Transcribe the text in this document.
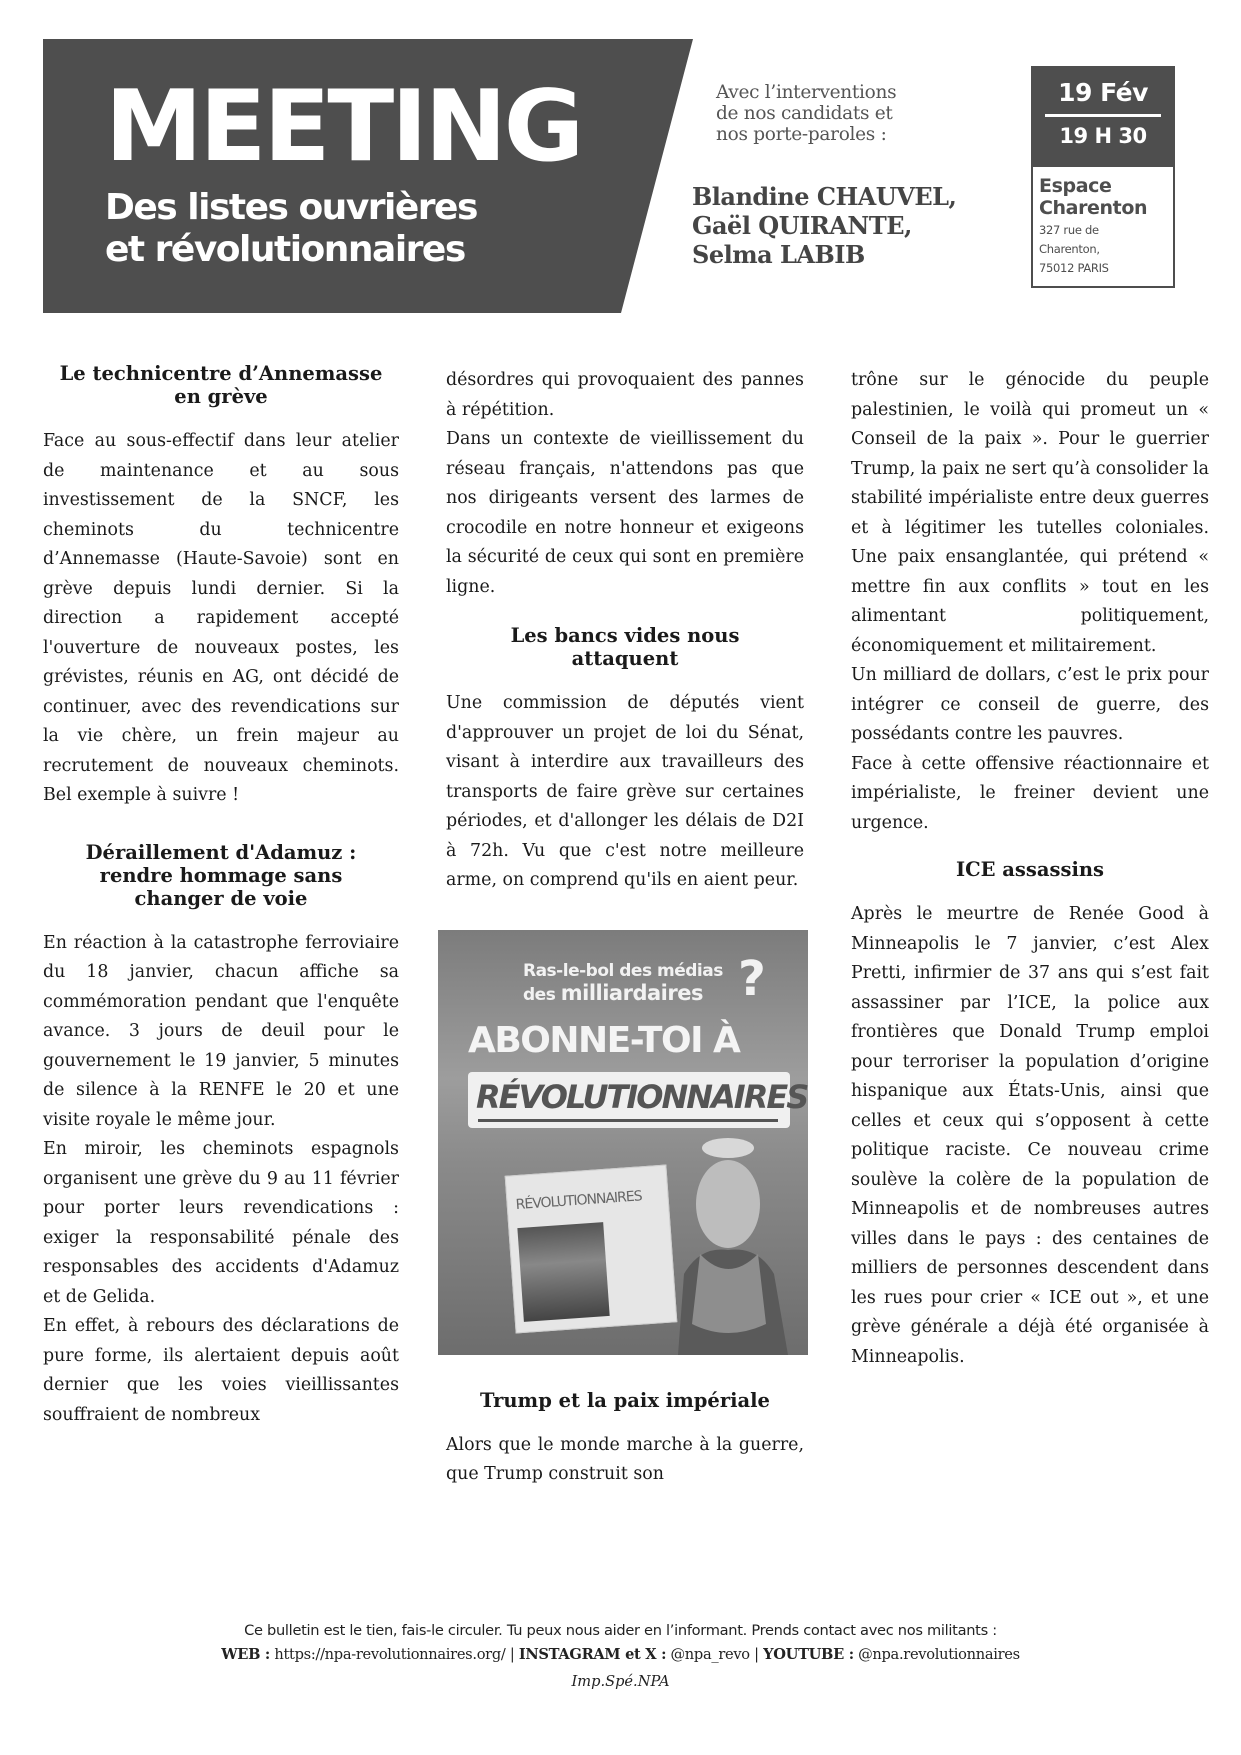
MEETING
Des listes ouvrières
et révolutionnaires
Avec l’interventions
de nos candidats et
nos porte-paroles :
Blandine CHAUVEL,
Gaël QUIRANTE,
Selma LABIB
19 Fév
19 H 30
Espace
Charenton
327 rue de
Charenton,
75012 PARIS
Le technicentre d’Annemasse en grève

Face au sous-effectif dans leur atelier de maintenance et au sous investissement de la SNCF, les cheminots du technicentre d’Annemasse (Haute-Savoie) sont en grève depuis lundi dernier. Si la direction a rapidement accepté l'ouverture de nouveaux postes, les grévistes, réunis en AG, ont décidé de continuer, avec des revendications sur la vie chère, un frein majeur au recrutement de nouveaux cheminots. Bel exemple à suivre !

Déraillement d'Adamuz : rendre hommage sans changer de voie

En réaction à la catastrophe ferroviaire du 18 janvier, chacun affiche sa commémoration pendant que l'enquête avance. 3 jours de deuil pour le gouvernement le 19 janvier, 5 minutes de silence à la RENFE le 20 et une visite royale le même jour.

En miroir, les cheminots espagnols organisent une grève du 9 au 11 février pour porter leurs revendications : exiger la responsabilité pénale des responsables des accidents d'Adamuz et de Gelida.

En effet, à rebours des déclarations de pure forme, ils alertaient depuis août dernier que les voies vieillissantes souffraient de nombreux

désordres qui provoquaient des pannes à répétition.

Dans un contexte de vieillissement du réseau français, n'attendons pas que nos dirigeants versent des larmes de crocodile en notre honneur et exigeons la sécurité de ceux qui sont en première ligne.

Les bancs vides nous attaquent

Une commission de députés vient d'approuver un projet de loi du Sénat, visant à interdire aux travailleurs des transports de faire grève sur certaines périodes, et d'allonger les délais de D2I à 72h. Vu que c'est notre meilleure arme, on comprend qu'ils en aient peur.

Ras-le-bol des médias
des milliardaires ?
ABONNE-TOI À
RÉVOLUTIONNAIRES
RÉVOLUTIONNAIRES
Trump et la paix impériale

Alors que le monde marche à la guerre, que Trump construit son

trône sur le génocide du peuple palestinien, le voilà qui promeut un « Conseil de la paix ». Pour le guerrier Trump, la paix ne sert qu’à consolider la stabilité impérialiste entre deux guerres et à légitimer les tutelles coloniales. Une paix ensanglantée, qui prétend « mettre fin aux conflits » tout en les alimentant politiquement, économiquement et militairement.

Un milliard de dollars, c’est le prix pour intégrer ce conseil de guerre, des possédants contre les pauvres.

Face à cette offensive réactionnaire et impérialiste, le freiner devient une urgence.

ICE assassins

Après le meurtre de Renée Good à Minneapolis le 7 janvier, c’est Alex Pretti, infirmier de 37 ans qui s’est fait assassiner par l’ICE, la police aux frontières que Donald Trump emploi pour terroriser la population d’origine hispanique aux États-Unis, ainsi que celles et ceux qui s’opposent à cette politique raciste. Ce nouveau crime soulève la colère de la population de Minneapolis et de nombreuses autres villes dans le pays : des centaines de milliers de personnes descendent dans les rues pour crier « ICE out », et une grève générale a déjà été organisée à Minneapolis.

Ce bulletin est le tien, fais-le circuler. Tu peux nous aider en l’informant. Prends contact avec nos militants :
WEB : https://npa-revolutionnaires.org/ | INSTAGRAM et X : @npa_revo | YOUTUBE : @npa.revolutionnaires
Imp.Spé.NPA
